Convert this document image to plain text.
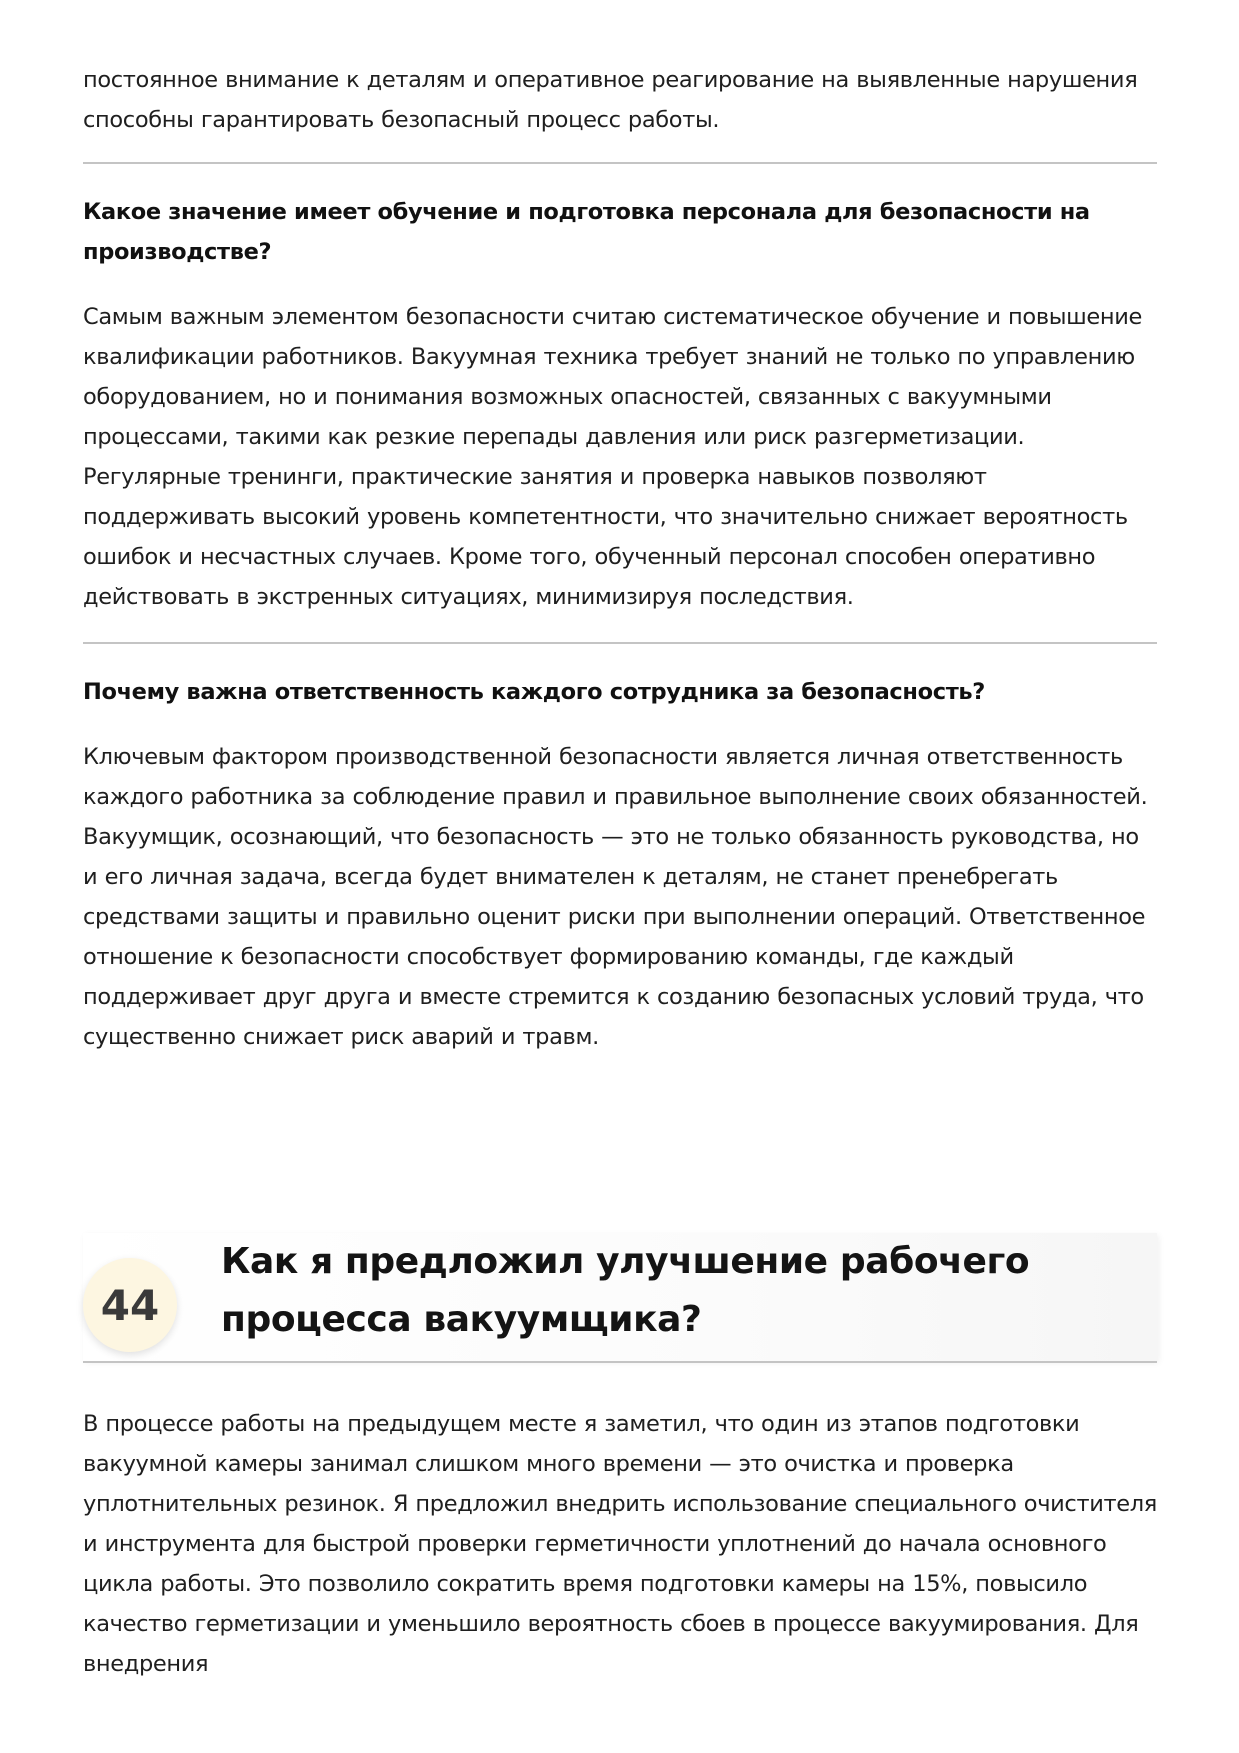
постоянное внимание к деталям и оперативное реагирование на выявленные нарушения способны гарантировать безопасный процесс работы.

Какое значение имеет обучение и подготовка персонала для безопасности на производстве?

Самым важным элементом безопасности считаю систематическое обучение и повышение квалификации работников. Вакуумная техника требует знаний не только по управлению оборудованием, но и понимания возможных опасностей, связанных с вакуумными процессами, такими как резкие перепады давления или риск разгерметизации. Регулярные тренинги, практические занятия и проверка навыков позволяют поддерживать высокий уровень компетентности, что значительно снижает вероятность ошибок и несчастных случаев. Кроме того, обученный персонал способен оперативно действовать в экстренных ситуациях, минимизируя последствия.

Почему важна ответственность каждого сотрудника за безопасность?

Ключевым фактором производственной безопасности является личная ответственность каждого работника за соблюдение правил и правильное выполнение своих обязанностей. Вакуумщик, осознающий, что безопасность — это не только обязанность руководства, но и его личная задача, всегда будет внимателен к деталям, не станет пренебрегать средствами защиты и правильно оценит риски при выполнении операций. Ответственное отношение к безопасности способствует формированию команды, где каждый поддерживает друг друга и вместе стремится к созданию безопасных условий труда, что существенно снижает риск аварий и травм.

44
Как я предложил улучшение рабочего процесса вакуумщика?

В процессе работы на предыдущем месте я заметил, что один из этапов подготовки вакуумной камеры занимал слишком много времени — это очистка и проверка уплотнительных резинок. Я предложил внедрить использование специального очистителя и инструмента для быстрой проверки герметичности уплотнений до начала основного цикла работы. Это позволило сократить время подготовки камеры на 15%, повысило качество герметизации и уменьшило вероятность сбоев в процессе вакуумирования. Для внедрения
